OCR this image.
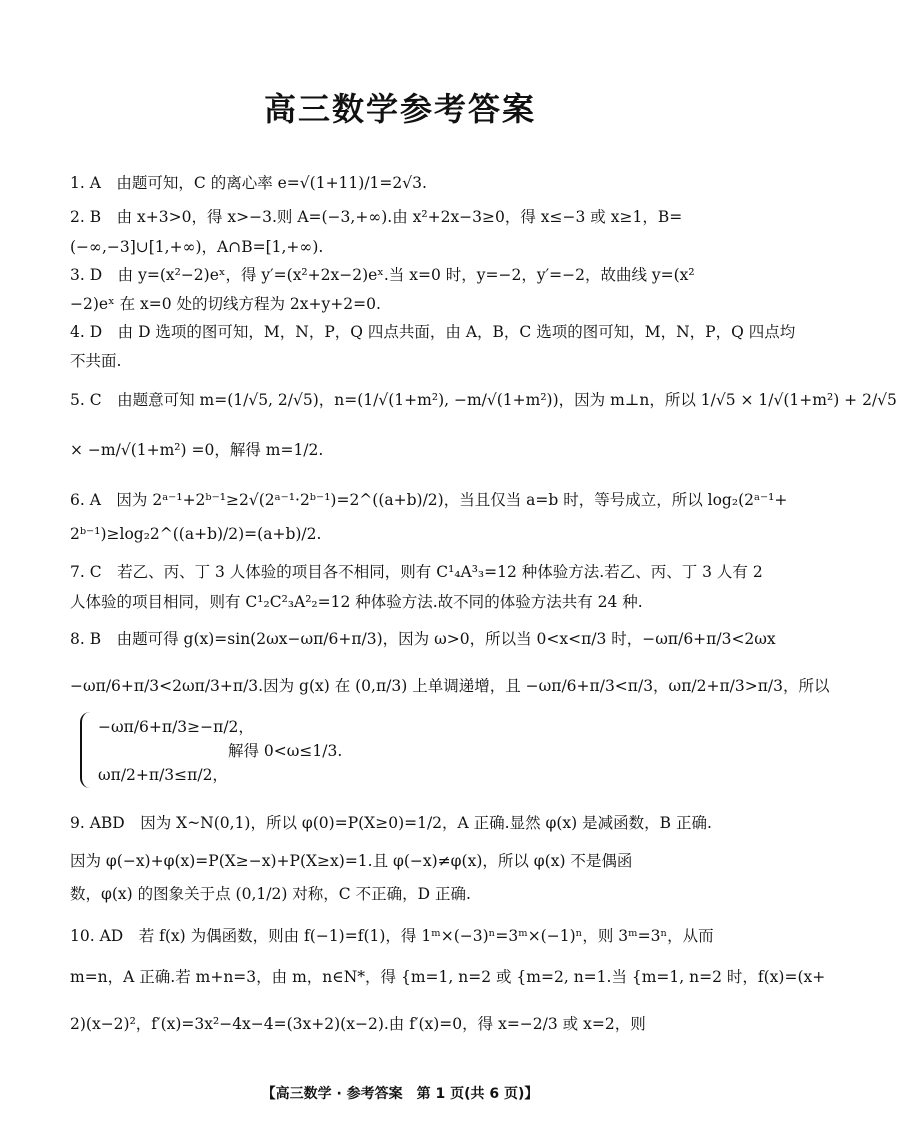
高三数学参考答案
1. A　由题可知，C 的离心率 e=√(1+11)/1=2√3.
2. B　由 x+3>0，得 x>−3.则 A=(−3,+∞).由 x²+2x−3≥0，得 x≤−3 或 x≥1，B=
(−∞,−3]∪[1,+∞)，A∩B=[1,+∞).
3. D　由 y=(x²−2)eˣ，得 y′=(x²+2x−2)eˣ.当 x=0 时，y=−2，y′=−2，故曲线 y=(x²
−2)eˣ 在 x=0 处的切线方程为 2x+y+2=0.
4. D　由 D 选项的图可知，M，N，P，Q 四点共面，由 A，B，C 选项的图可知，M，N，P，Q 四点均
不共面.
5. C　由题意可知 m=(1/√5, 2/√5)，n=(1/√(1+m²), −m/√(1+m²))，因为 m⊥n，所以 1/√5 × 1/√(1+m²) + 2/√5
× −m/√(1+m²) =0，解得 m=1/2.
6. A　因为 2ᵃ⁻¹+2ᵇ⁻¹≥2√(2ᵃ⁻¹·2ᵇ⁻¹)=2^((a+b)/2)，当且仅当 a=b 时，等号成立，所以 log₂(2ᵃ⁻¹+
2ᵇ⁻¹)≥log₂2^((a+b)/2)=(a+b)/2.
7. C　若乙、丙、丁 3 人体验的项目各不相同，则有 C¹₄A³₃=12 种体验方法.若乙、丙、丁 3 人有 2
人体验的项目相同，则有 C¹₂C²₃A²₂=12 种体验方法.故不同的体验方法共有 24 种.
8. B　由题可得 g(x)=sin(2ωx−ωπ/6+π/3)，因为 ω>0，所以当 0<x<π/3 时，−ωπ/6+π/3<2ωx
−ωπ/6+π/3<2ωπ/3+π/3.因为 g(x) 在 (0,π/3) 上单调递增，且 −ωπ/6+π/3<π/3，ωπ/2+π/3>π/3，所以
−ωπ/6+π/3≥−π/2，
解得 0<ω≤1/3.
ωπ/2+π/3≤π/2，
9. ABD　因为 X~N(0,1)，所以 φ(0)=P(X≥0)=1/2，A 正确.显然 φ(x) 是减函数，B 正确.
因为 φ(−x)+φ(x)=P(X≥−x)+P(X≥x)=1.且 φ(−x)≠φ(x)，所以 φ(x) 不是偶函
数，φ(x) 的图象关于点 (0,1/2) 对称，C 不正确，D 正确.
10. AD　若 f(x) 为偶函数，则由 f(−1)=f(1)，得 1ᵐ×(−3)ⁿ=3ᵐ×(−1)ⁿ，则 3ᵐ=3ⁿ，从而
m=n，A 正确.若 m+n=3，由 m，n∈N*，得 {m=1, n=2 或 {m=2, n=1.当 {m=1, n=2 时，f(x)=(x+
2)(x−2)²，f′(x)=3x²−4x−4=(3x+2)(x−2).由 f′(x)=0，得 x=−2/3 或 x=2，则
【高三数学 · 参考答案　第 1 页(共 6 页)】
